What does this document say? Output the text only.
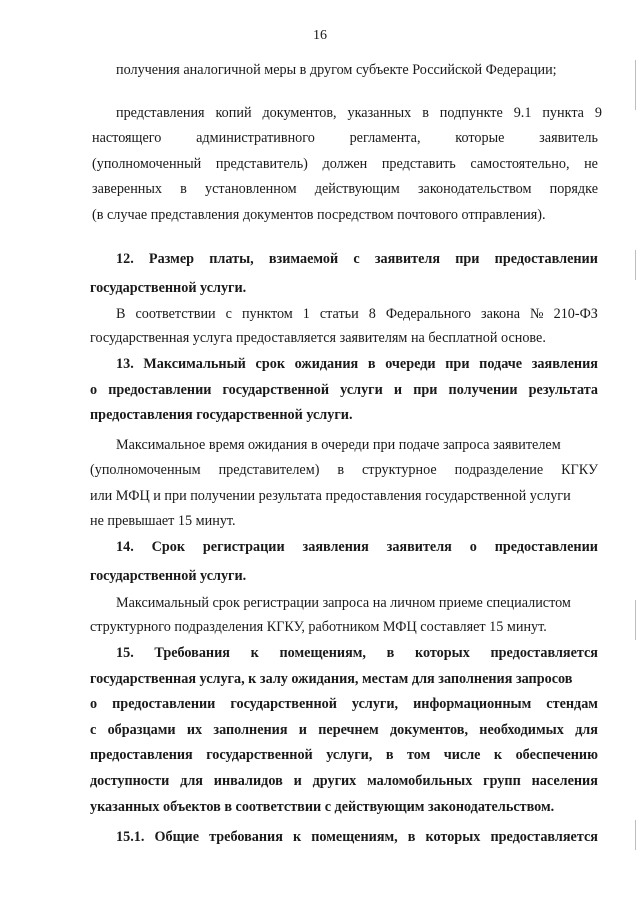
16
получения аналогичной меры в другом субъекте Российской Федерации;
представления копий документов, указанных в подпункте 9.1 пункта 9
настоящего административного регламента, которые заявитель
(уполномоченный представитель) должен представить самостоятельно, не
заверенных в установленном действующим законодательством порядке
(в случае представления документов посредством почтового отправления).
12. Размер платы, взимаемой с заявителя при предоставлении
государственной услуги.
В соответствии с пунктом 1 статьи 8 Федерального закона № 210-ФЗ
государственная услуга предоставляется заявителям на бесплатной основе.
13. Максимальный срок ожидания в очереди при подаче заявления
о предоставлении государственной услуги и при получении результата
предоставления государственной услуги.
Максимальное время ожидания в очереди при подаче запроса заявителем
(уполномоченным представителем) в структурное подразделение КГКУ
или МФЦ и при получении результата предоставления государственной услуги
не превышает 15 минут.
14. Срок регистрации заявления заявителя о предоставлении
государственной услуги.
Максимальный срок регистрации запроса на личном приеме специалистом
структурного подразделения КГКУ, работником МФЦ составляет 15 минут.
15. Требования к помещениям, в которых предоставляется
государственная услуга, к залу ожидания, местам для заполнения запросов
о предоставлении государственной услуги, информационным стендам
с образцами их заполнения и перечнем документов, необходимых для
предоставления государственной услуги, в том числе к обеспечению
доступности для инвалидов и других маломобильных групп населения
указанных объектов в соответствии с действующим законодательством.
15.1. Общие требования к помещениям, в которых предоставляется
